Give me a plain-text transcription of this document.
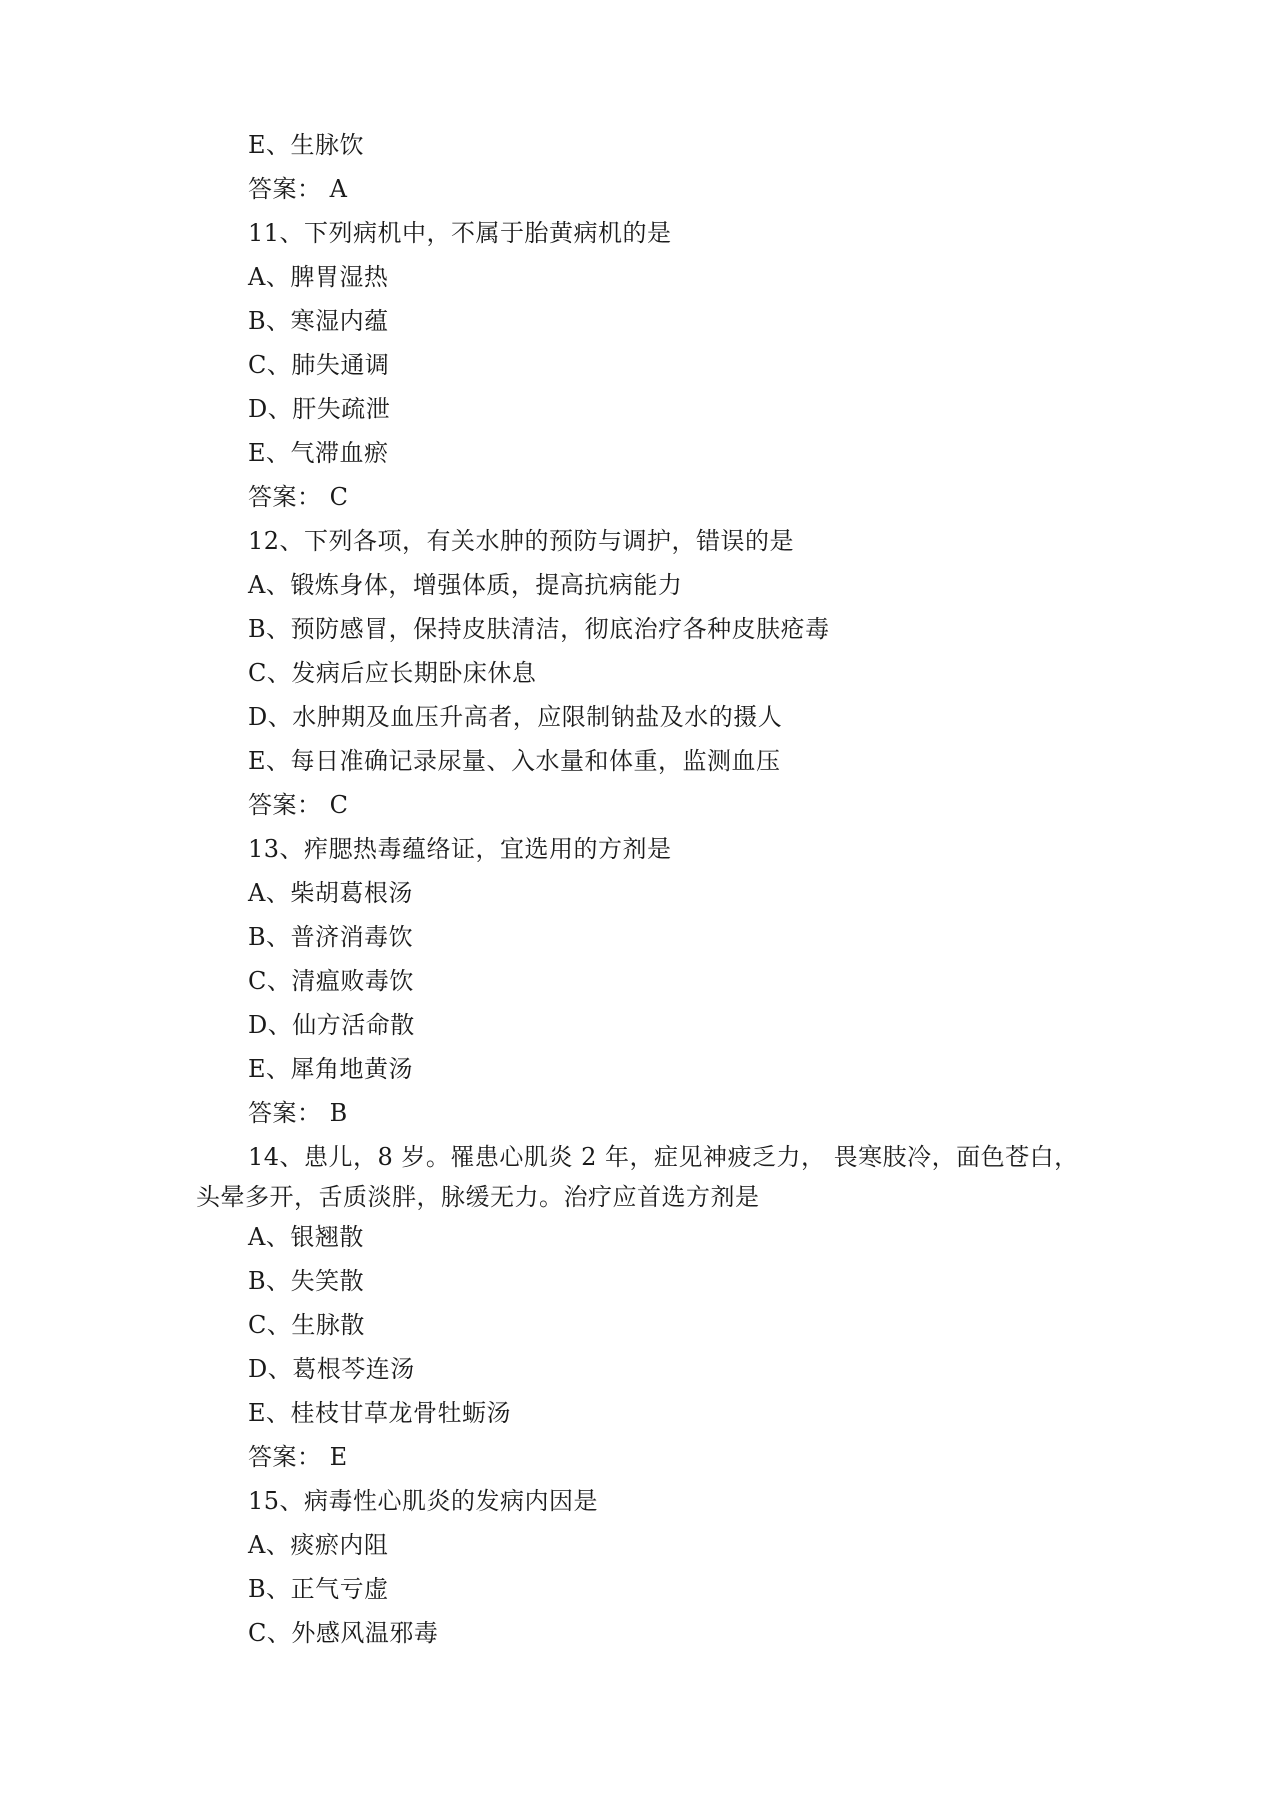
E、生脉饮
答案： A
11、下列病机中，不属于胎黄病机的是
A、脾胃湿热
B、寒湿内蕴
C、肺失通调
D、肝失疏泄
E、气滞血瘀
答案： C
12、下列各项，有关水肿的预防与调护，错误的是
A、锻炼身体，增强体质，提高抗病能力
B、预防感冒，保持皮肤清洁，彻底治疗各种皮肤疮毒
C、发病后应长期卧床休息
D、水肿期及血压升高者，应限制钠盐及水的摄人
E、每日准确记录尿量、入水量和体重，监测血压
答案： C
13、痄腮热毒蕴络证，宜选用的方剂是
A、柴胡葛根汤
B、普济消毒饮
C、清瘟败毒饮
D、仙方活命散
E、犀角地黄汤
答案： B
14、患儿，8 岁。罹患心肌炎 2 年，症见神疲乏力， 畏寒肢冷，面色苍白，
头晕多开，舌质淡胖，脉缓无力。治疗应首选方剂是
A、银翘散
B、失笑散
C、生脉散
D、葛根芩连汤
E、桂枝甘草龙骨牡蛎汤
答案： E
15、病毒性心肌炎的发病内因是
A、痰瘀内阻
B、正气亏虚
C、外感风温邪毒
